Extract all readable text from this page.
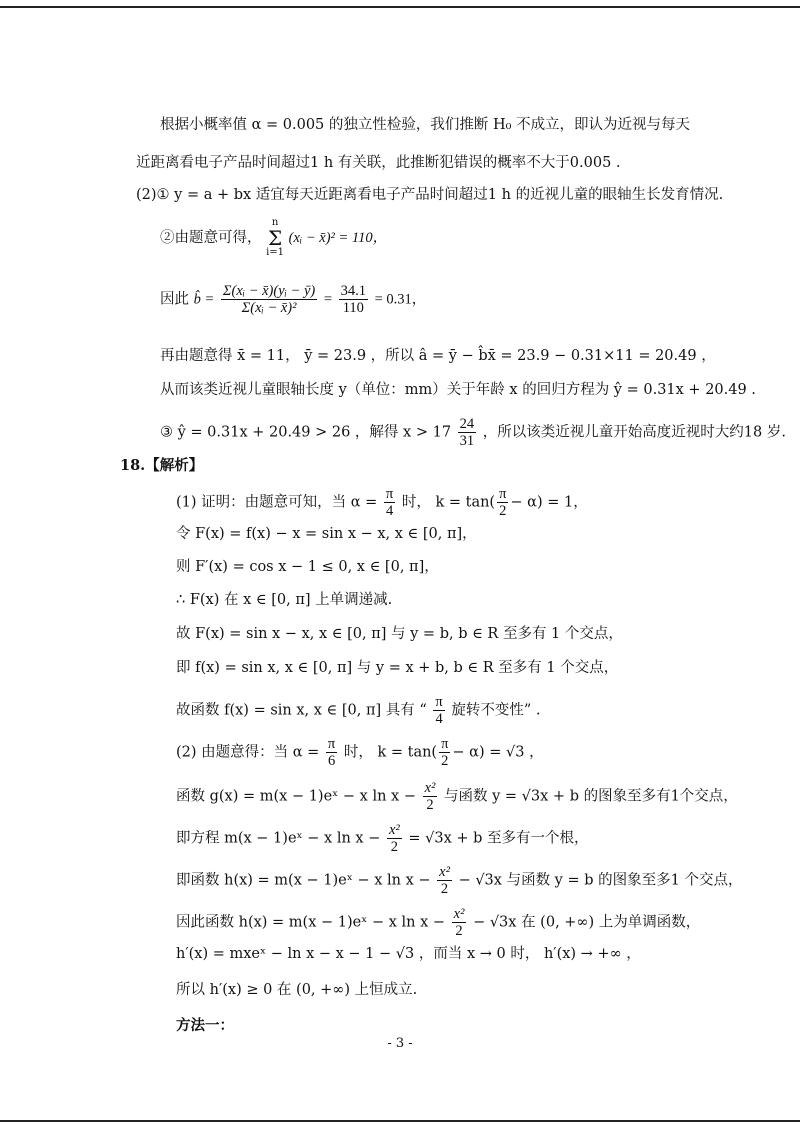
根据小概率值 α = 0.005 的独立性检验，我们推断 H₀ 不成立，即认为近视与每天
近距离看电子产品时间超过1 h 有关联，此推断犯错误的概率不大于0.005 .
(2)① y = a + bx 适宜每天近距离看电子产品时间超过1 h 的近视儿童的眼轴生长发育情况.
②由题意可得， n
Σ
i=1 (xᵢ − x̄)² = 110，
因此 b̂ = $\frac{\text{Σ(xᵢ − x̄)(yᵢ − ȳ)}}{\text{Σ(xᵢ − x̄)²}} = \frac{34.1}{110} = 0.31$，
再由题意得 x̄ = 11， ȳ = 23.9 ，所以 â = ȳ − b̂x̄ = 23.9 − 0.31×11 = 20.49 ，
从而该类近视儿童眼轴长度 y（单位：mm）关于年龄 x 的回归方程为 ŷ = 0.31x + 20.49 .
③ ŷ = 0.31x + 20.49 > 26 ，解得 $x > 17 \frac{24}{31}$ ，所以该类近视儿童开始高度近视时大约18 岁.
18.【解析】
(1) 证明：由题意可知，当 $\alpha = \frac{\pi}{4}$ 时， $k = \tan( \frac{\pi}{2} - \alpha) = 1$，
令 F(x) = f(x) − x = sin x − x, x ∈ [0, π]，
则 F′(x) = cos x − 1 ≤ 0, x ∈ [0, π]，
∴ F(x) 在 x ∈ [0, π] 上单调递减.
故 F(x) = sin x − x, x ∈ [0, π] 与 y = b, b ∈ R 至多有 1 个交点，
即 f(x) = sin x, x ∈ [0, π] 与 y = x + b, b ∈ R 至多有 1 个交点，
故函数 f(x) = sin x, x ∈ [0, π] 具有 “ $\frac{\pi}{4}$ 旋转不变性” .
(2) 由题意得：当 $\alpha = \frac{\pi}{6}$ 时， $k = \tan( \frac{\pi}{2} - \alpha) = √3$ ，
函数 g(x) = m(x − 1)eˣ − x $\ln x - \frac{\text{x²}}{2}$ 与函数 y = √3x + b 的图象至多有1个交点，
即方程 m(x − 1)eˣ − x $\ln x - \frac{\text{x²}}{2} = √3x + b$ 至多有一个根，
即函数 h(x) = m(x − 1)eˣ − x $\ln x - \frac{\text{x²}}{2} - √3x$ 与函数 y = b 的图象至多1 个交点，
因此函数 h(x) = m(x − 1)eˣ − x $\ln x - \frac{\text{x²}}{2} - √3x$ 在 (0, +∞) 上为单调函数，
h′(x) = mxeˣ − ln x − x − 1 − √3 ，而当 x → 0 时， h′(x) → +∞ ，
所以 h′(x) ≥ 0 在 (0, +∞) 上恒成立.
方法一：
- 3 -
